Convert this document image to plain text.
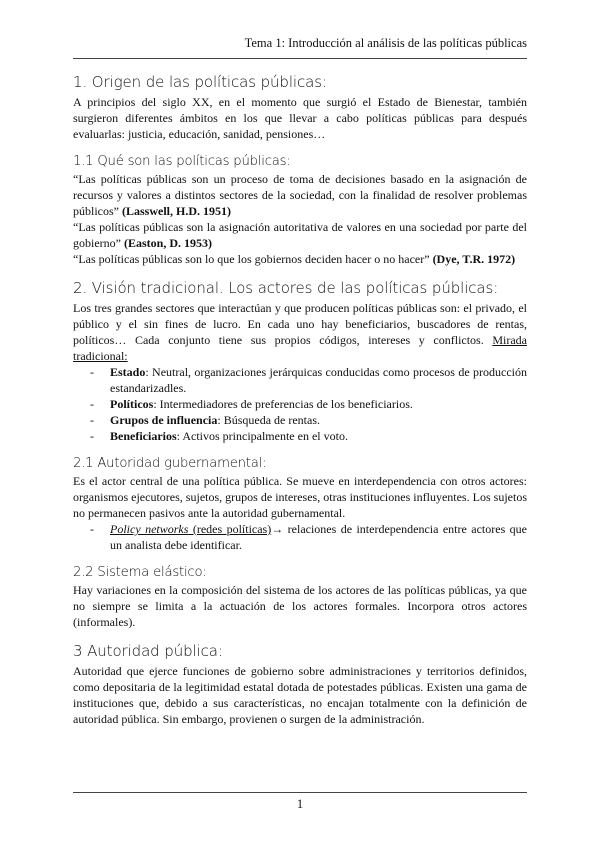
Tema 1: Introducción al análisis de las políticas públicas
1. Origen de las políticas públicas:

A principios del siglo XX, en el momento que surgió el Estado de Bienestar, también surgieron diferentes ámbitos en los que llevar a cabo políticas públicas para después evaluarlas: justicia, educación, sanidad, pensiones…

1.1 Qué son las políticas públicas:

“Las políticas públicas son un proceso de toma de decisiones basado en la asignación de recursos y valores a distintos sectores de la sociedad, con la finalidad de resolver problemas públicos” (Lasswell, H.D. 1951)

“Las políticas públicas son la asignación autoritativa de valores en una sociedad por parte del gobierno” (Easton, D. 1953)

“Las políticas públicas son lo que los gobiernos deciden hacer o no hacer” (Dye, T.R. 1972)

2. Visión tradicional. Los actores de las políticas públicas:

Los tres grandes sectores que interactúan y que producen políticas públicas son: el privado, el público y el sin fines de lucro. En cada uno hay beneficiarios, buscadores de rentas, políticos… Cada conjunto tiene sus propios códigos, intereses y conflictos. Mirada tradicional:

- Estado: Neutral, organizaciones jerárquicas conducidas como procesos de producción estandarizadles.
- Políticos: Intermediadores de preferencias de los beneficiarios.
- Grupos de influencia: Búsqueda de rentas.
- Beneficiarios: Activos principalmente en el voto.
2.1 Autoridad gubernamental:

Es el actor central de una política pública. Se mueve en interdependencia con otros actores: organismos ejecutores, sujetos, grupos de intereses, otras instituciones influyentes. Los sujetos no permanecen pasivos ante la autoridad gubernamental.

- Policy networks (redes políticas)→ relaciones de interdependencia entre actores que un analista debe identificar.
2.2 Sistema elástico:

Hay variaciones en la composición del sistema de los actores de las políticas públicas, ya que no siempre se limita a la actuación de los actores formales. Incorpora otros actores (informales).

3 Autoridad pública:

Autoridad que ejerce funciones de gobierno sobre administraciones y territorios definidos, como depositaria de la legitimidad estatal dotada de potestades públicas. Existen una gama de instituciones que, debido a sus características, no encajan totalmente con la definición de autoridad pública. Sin embargo, provienen o surgen de la administración.

1
